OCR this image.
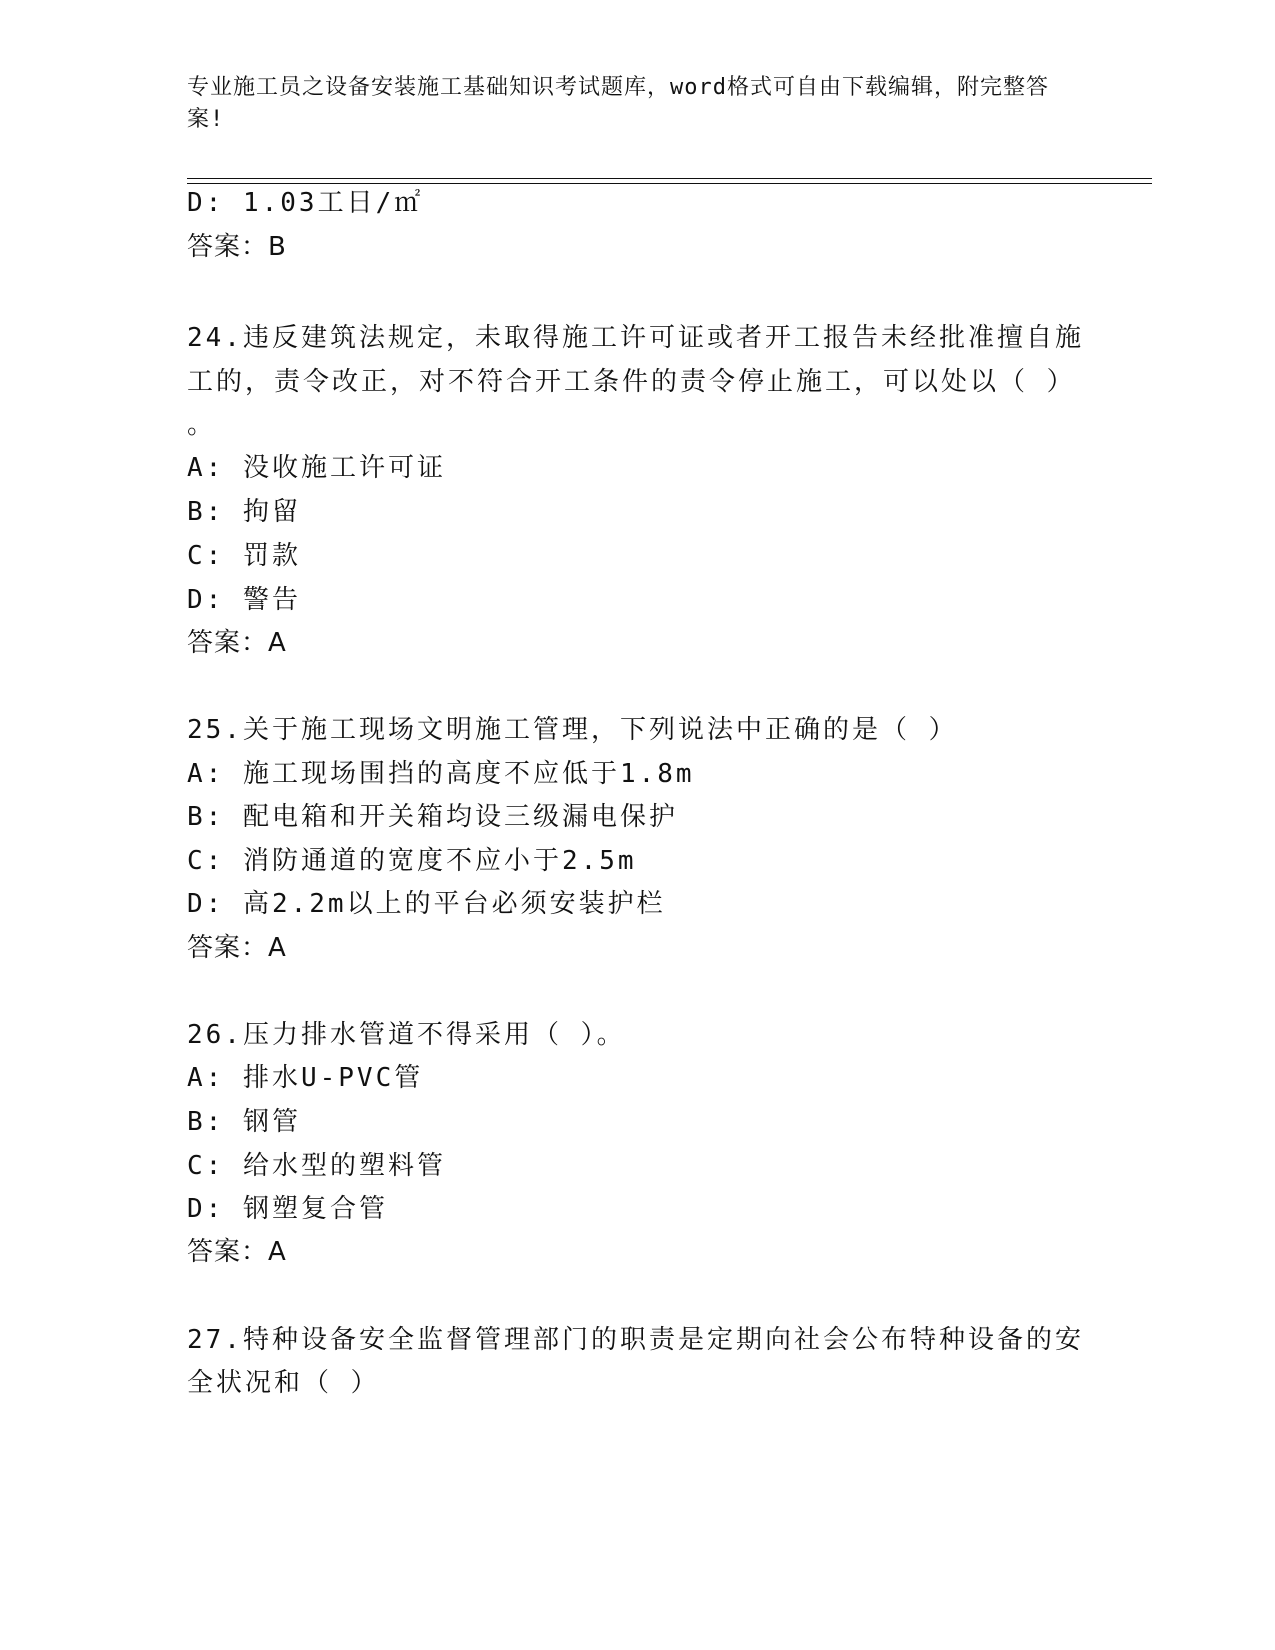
专业施工员之设备安装施工基础知识考试题库，word格式可自由下载编辑，附完整答案!
D: 1.03工日/㎡
答案：B
24.违反建筑法规定，未取得施工许可证或者开工报告未经批准擅自施
工的，责令改正，对不符合开工条件的责令停止施工，可以处以（ ）
。
A: 没收施工许可证
B: 拘留
C: 罚款
D: 警告
答案：A
25.关于施工现场文明施工管理，下列说法中正确的是（ ）
A: 施工现场围挡的高度不应低于1.8m
B: 配电箱和开关箱均设三级漏电保护
C: 消防通道的宽度不应小于2.5m
D: 高2.2m以上的平台必须安装护栏
答案：A
26.压力排水管道不得采用（ ）。
A: 排水U-PVC管
B: 钢管
C: 给水型的塑料管
D: 钢塑复合管
答案：A
27.特种设备安全监督管理部门的职责是定期向社会公布特种设备的安
全状况和（ ）
